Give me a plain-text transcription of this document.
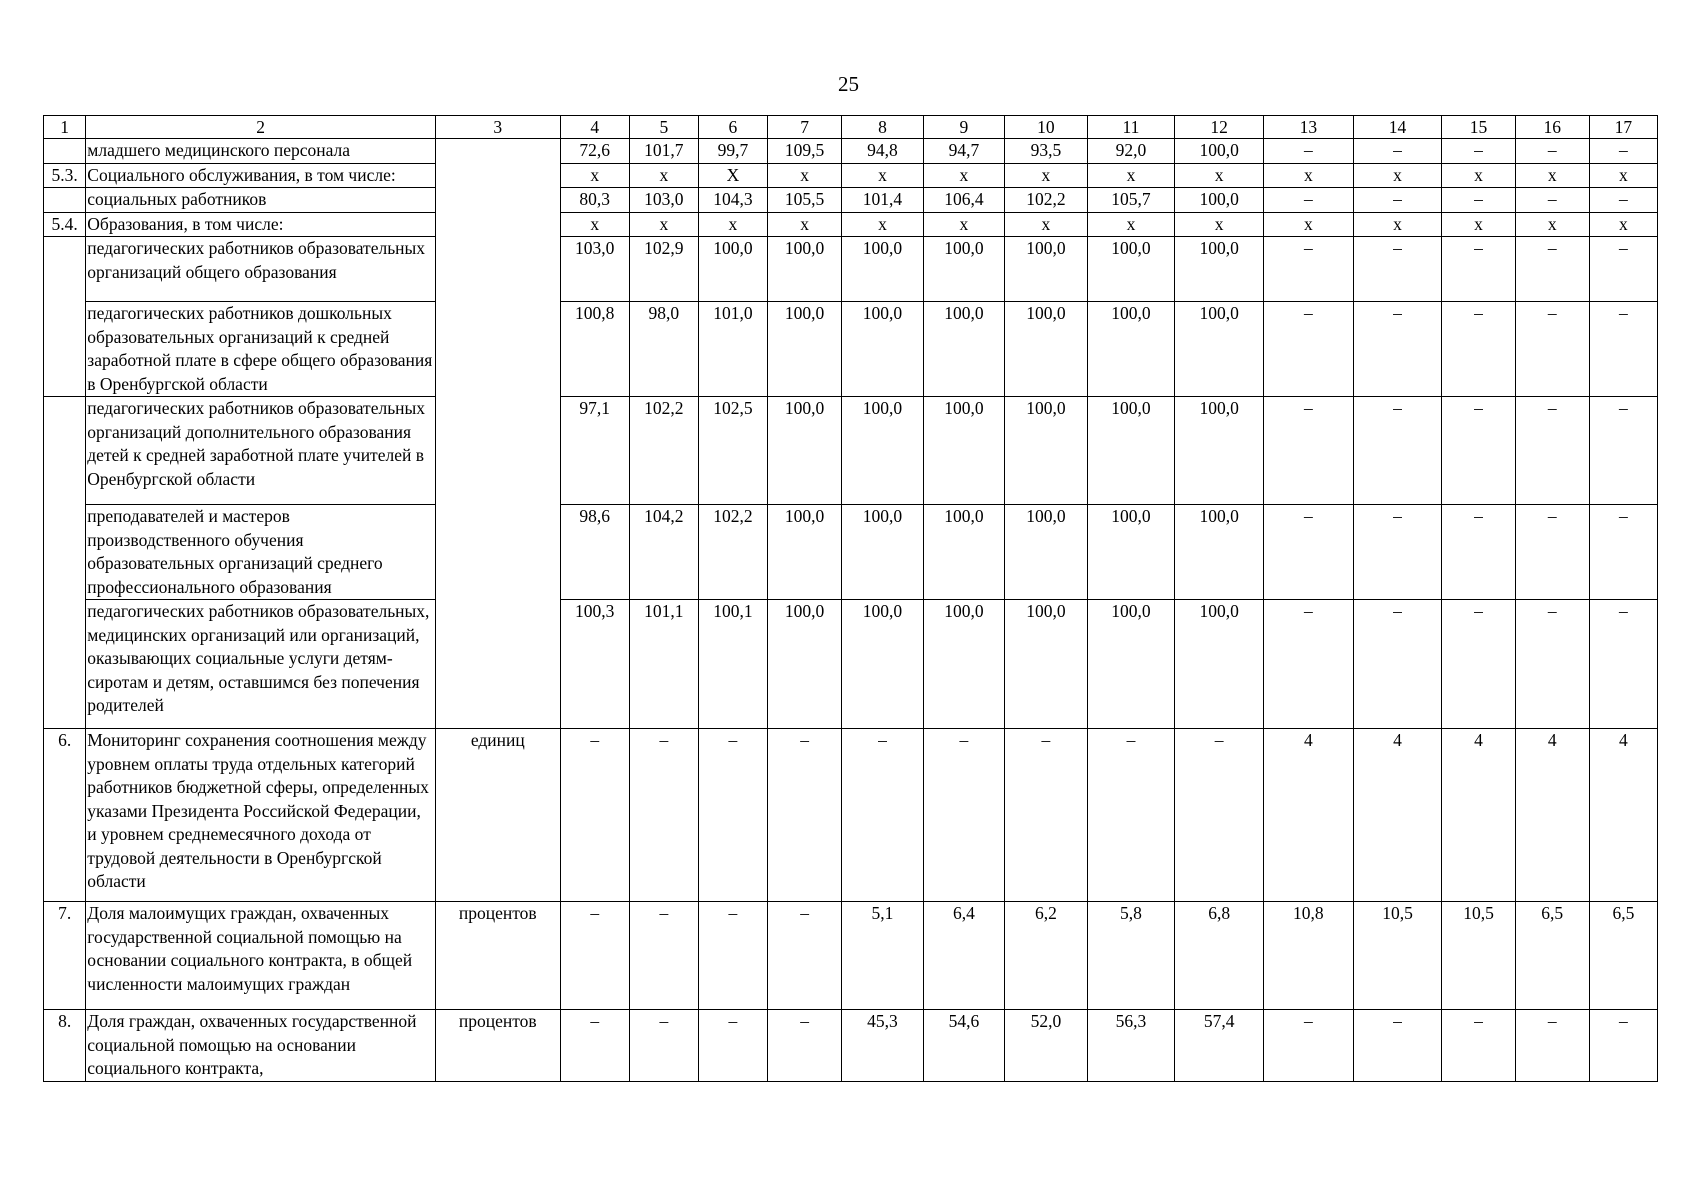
25
1	2	3	4	5	6	7	8	9	10	11	12	13	14	15	16	17
	младшего медицинского персонала		72,6	101,7	99,7	109,5	94,8	94,7	93,5	92,0	100,0	–	–	–	–	–
5.3.	Социального обслуживания, в том числе:		х	х	Х	х	х	х	х	х	х	х	х	х	х	х
	социальных работников		80,3	103,0	104,3	105,5	101,4	106,4	102,2	105,7	100,0	–	–	–	–	–
5.4.	Образования, в том числе:		х	х	х	х	х	х	х	х	х	х	х	х	х	х
	педагогических работников образовательных организаций общего образования		103,0	102,9	100,0	100,0	100,0	100,0	100,0	100,0	100,0	–	–	–	–	–
	педагогических работников дошкольных образовательных организаций к средней заработной плате в сфере общего образования в Оренбургской области		100,8	98,0	101,0	100,0	100,0	100,0	100,0	100,0	100,0	–	–	–	–	–
	педагогических работников образовательных организаций дополнительного образования детей к средней заработной плате учителей в Оренбургской области		97,1	102,2	102,5	100,0	100,0	100,0	100,0	100,0	100,0	–	–	–	–	–
	преподавателей и мастеров производственного обучения образовательных организаций среднего профессионального образования		98,6	104,2	102,2	100,0	100,0	100,0	100,0	100,0	100,0	–	–	–	–	–
	педагогических работников образовательных, медицинских организаций или организаций, оказывающих социальные услуги детям-сиротам и детям, оставшимся без попечения родителей		100,3	101,1	100,1	100,0	100,0	100,0	100,0	100,0	100,0	–	–	–	–	–
6.	Мониторинг сохранения соотношения между уровнем оплаты труда отдельных категорий работников бюджетной сферы, определенных указами Президента Российской Федерации, и уровнем среднемесячного дохода от трудовой деятельности в Оренбургской области	единиц	–	–	–	–	–	–	–	–	–	4	4	4	4	4
7.	Доля малоимущих граждан, охваченных государственной социальной помощью на основании социального контракта, в общей численности малоимущих граждан	процентов	–	–	–	–	5,1	6,4	6,2	5,8	6,8	10,8	10,5	10,5	6,5	6,5
8.	Доля граждан, охваченных государственной социальной помощью на основании социального контракта,	процентов	–	–	–	–	45,3	54,6	52,0	56,3	57,4	–	–	–	–	–
